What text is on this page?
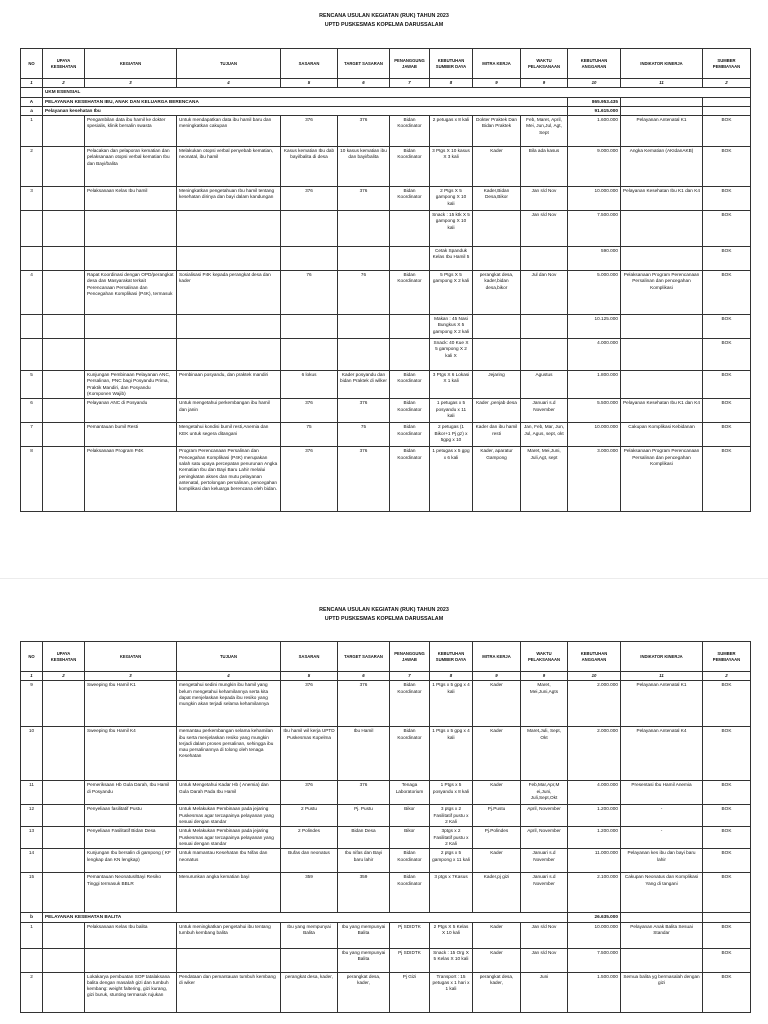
RENCANA USULAN KEGIATAN (RUK) TAHUN 2023
UPTD PUSKESMAS KOPELMA DARUSSALAM
NO	UPAYA KESEHATAN	KEGIATAN	TUJUAN	SASARAN	TARGET SASARAN	PENANGGUNG JAWAB	KEBUTUHAN SUMBER DAYA	MITRA KERJA	WAKTU PELAKSANAAN	KEBUTUHAN ANGGARAN	INDIKATOR KINERJA	SUMBER PEMBIAYAAN
1	2	3	4	5	6	7	8	9	9	10	11	2
	UKM ESENSIAL											
A	PELAYANAN KESEHATAN IBU, ANAK DAN KELUARGA BERENCANA									865.953.435		
a	Pelayanan kesehatan Ibu									91.615.000		
1		Pengambilan data ibu hamil ke dokter spesialis, klinik bersalin swasta	Untuk mendapatkan data ibu hamil baru dan meningkatkan cakupan	376	376	Bidan Koordinator	2 petugas x 8 kali	Dokter Praktek Dan Bidan Praktek	Feb, Maret, April, Mei, Jun,Jul, Agt, Sept	1.600.000	Pelayanan Antenatal K1	BOK
2		Pelacakan dan pelaporan kematian dan pelaksanaan otopsi verbal kematian Ibu dan Bayi/balita	Melakukan otopsi verbal penyebab kematian, neonatal, ibu hamil	Kasus kematian Ibu dab bayi/balita di desa	10 kasus kematian ibu dan bayi/balita	Bidan Koordinator	3 Ptgs X 10 kasus X 3 kali	Kader	Bila ada kasus	9.000.000	Angka Kematian (AKIdanAKB)	BOK
3		Pelaksanaan Kelas Ibu hamil	Meningkatkan pengetahuan Ibu hamil tentang kesehatan dirinya dan bayi dalam kandungan	376	376	Bidan Koordinator	2 Ptgs X 5 gampong X 10 kali	Kader,Bidan Desa,Bikor	Jan s/d Nov	10.000.000	Pelayanan Kesehatan Ibu K1 dan K4	BOK
							Snack : 15 ktk X 5 gampong X 10 kali		Jan s/d Nov	7.500.000		BOK
							Cetak Spanduk Kelas Ibu Hamil 5			590.000		BOK
4		Rapat Koordinasi dengan OPD/perangkat desa dan Masyarakat terkait Perencanaan Persalinan dan Pencegahan Komplikasi (P4K), termasuk	Sosialisasi P4K kepada perangkat desa dan kader	76	76	Bidan Koordinator	5 Ptgs X 5 gampong X 2 kali	perangkat desa, kader,bidan desa,bikor	Jul dan Nov	5.000.000	Pelaksanaan Program Perencanaan Persalinan dan pencegahan Komplikasi	BOK
							Makan : 45 Nasi Bungkus X 5 gampong X 2 kali			10.125.000		BOK
							Snack: 40 Kue X 5 gampong X 2 kali X			4.000.000		BOK
5		Kunjungan Pembinaan Pelayanan ANC, Persalinan, PNC bagi Posyandu Prima, Praktik Mandiri, dan Posyandu (Komponen Wajib)	Pembinaan posyandu, dan praktek mandiri	6 lokus	Kader posyandu dan bidan Praktek di wilker	Bidan Koordinator	3 Ptgs X 6 Lokasi X 1 kali	Jejaring	Agustus	1.800.000		BOK
6		Pelayanan ANC di Posyandu	Untuk mengetahui perkembangan ibu hamil dan janin	376	376	Bidan Koordinator	1 petugas x 5 posyandu x 11 kali	Kader ,penjab desa	Januari s.d November	5.500.000	Pelayanan Kesehatan Ibu K1 dan K4	BOK
7		Pemantauan bumil Resti	Mengetahui kondisi bumil resti,Anemia dan KEK untuk segera ditangani	75	75	Bidan Koordinator	2 petugas (1 Bikor+1 Pj gz) x 5gpg x 10	Kader dan ibu hamil resti	Jan, Feb, Mar, Jun, Jul, Agus, sept, okt	10.000.000	Cakupan Komplikasi Kebidanan	BOK
8		Pelaksanaan Program P4K	Program Perencanaan Persalinan dan Pencegahan Komplikasi (P4K) merupakan salah satu upaya percepatan penurunan Angka Kematian Ibu dan Bayi Baru Lahir melalui peningkatan akses dan mutu pelayanan antenatal, pertolongan persalinan, pencegahan komplikasi dan keluarga berencana oleh bidan.	376	376	Bidan Koordinator	1 petugas x 5 gpg x 6 kali	Kader, aparatur Gampong	Maret, Mei,Juni, Juli,Agt, sept	3.000.000	Pelaksanaan Program Perencanaan Persalinan dan pencegahan Komplikasi	BOK
RENCANA USULAN KEGIATAN (RUK) TAHUN 2023
UPTD PUSKESMAS KOPELMA DARUSSALAM
NO	UPAYA KESEHATAN	KEGIATAN	TUJUAN	SASARAN	TARGET SASARAN	PENANGGUNG JAWAB	KEBUTUHAN SUMBER DAYA	MITRA KERJA	WAKTU PELAKSANAAN	KEBUTUHAN ANGGARAN	INDIKATOR KINERJA	SUMBER PEMBIAYAAN
1	2	3	4	5	6	7	8	9	9	10	11	2
9		Sweeping Ibu Hamil K1	mengetahui sedini mungkin ibu hamil yang belum mengetahui kehamilannya serta kita dapat menjelaskan kepada ibu resiko yang mungkin akan terjadi selama kehamilannya	376	376	Bidan Koordinator	1 Ptgs x 5 gpg x 4 kali	Kader	Maret, Mei,Juni,Agts	2.000.000	Pelayanan Antenatal K1	BOK
10		Sweeping Ibu Hamil K4	memantau perkembangan selama kehamilan ibu serta menjelaskan resiko yang mungkin terjadi dalam proses persalinan, sehingga ibu mau persalinannya di tolong oleh tenaga Kesehatan	Ibu hamil wil kerja UPTD Puskesmas Kopelma	Ibu Hamil	Bidan Koordinator	1 Ptgs x 5 gpg x 4 kali	Kader	Maret,Juli, Sept, Okt	2.000.000	Pelayanan Antenatal K4	BOK
11		Pemeriksaan Hb Gula Darah, Ibu Hamil di Posyandu	Untuk Mengetahui Kadar Hb ( Anemia) dan Gula Darah Pada Ibu Hamil	376	376	Tenaga Laboratorium	1 Ptgs x 5 posyandu x 8 kali	Kader	Feb,Mar,Apr,M ei,Juni, Juli,Sept,Okt	4.000.000	Presentasi Ibu Hamil Anemia	BOK
12		Penyeliaan fasilitatif Pustu	Untuk Melakukan Pembinaan pada jejaring Puskesmas agar tercapainya pelayanan yang sesuai dengan standar	2 Pustu	Pj. Pustu	Bikor	3 ptgs x 2 Fasilitatif pustu x 2 Kali	Pj.Pustu	April, November	1.200.000	-	BOK
13		Penyeliaan Fasilitatif Bidan Desa	Untuk Melakukan Pembinaan pada jejaring Puskesmas agar tercapainya pelayanan yang sesuai dengan standar	2 Polindes	Bidan Desa	Bikor	3ptgs x 2 Fasilitatif pustu x 2 Kali	Pj.Polindes	April, November	1.200.000	-	BOK
14		Kunjungan Ibu bersalin di gampong ( KF lengkap dan KN lengkap)	Untuk mamantau Kesehatan Ibu Nifas dan neonatus	Bufas dan neonatus	Ibu nifas dan Bayi baru lahir	Bidan Koordinator	2 ptgs x 5 gampong x 11 kali	Kader	Januari s.d November	11.000.000	Pelayanan kes ibu dan bayi baru lahir	BOK
15		Pemantauan Neonatus/Bayi Resiko Tinggi termasuk BBLR	Menurunkan angka kematian bayi	359	359	Bidan Koordinator	3 ptgs x 7Kasus	Kader,pj gizi	Januari s.d November	2.100.000	Cakupan Neonatus dan Komplikasi Yang di tangani	BOK
b	PELAYANAN KESEHATAN BALITA									26.635.000		
1		Pelaksanaan Kelas Ibu balita	Untuk meningkatkan pengetahui ibu tentang tumbuh kembang balita	Ibu yang mempunyai Balita	Ibu yang mempunyai Balita	Pj SDIDTK	2 Ptgs X 5 Kelas X 10 kali	Kader	Jan s/d Nov	10.000.000	Pelayanan Anak Balita Sesuai Standar	BOK
					Ibu yang mempunyai Balita	Pj SDIDTK	Snack : 15 Org X 5 Kelas X 10 kali	Kader	Jan s/d Nov	7.500.000		BOK
2		Lokakarya pembuatan SOP tatalaksana balita dengan masalah gizi dan tumbuh kembang: weight faltering, gizi kurang, gizi buruk, stunting termasuk rujukan	Pendataan dan pemantauan tumbuh kembang di wiker	perangkat desa, kader,	perangkat desa, kader,	Pj Gizi	Transport : 15 petugas x 1 hari x 1 kali	perangkat desa, kader,	Juni	1.500.000	Semua balita yg bermasalah dengan gizi	BOK
